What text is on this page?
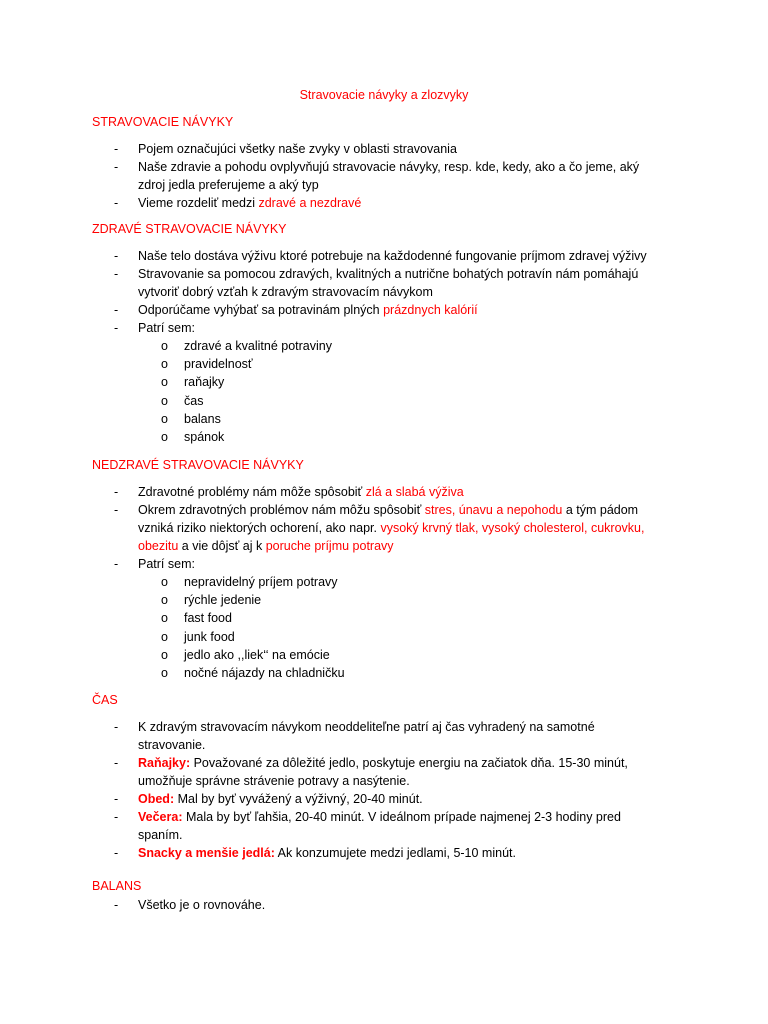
Stravovacie návyky a zlozvyky
STRAVOVACIE NÁVYKY
- Pojem označujúci všetky naše zvyky v oblasti stravovania
- Naše zdravie a pohodu ovplyvňujú stravovacie návyky, resp. kde, kedy, ako a čo jeme, aký zdroj jedla preferujeme a aký typ
- Vieme rozdeliť medzi zdravé a nezdravé
ZDRAVÉ STRAVOVACIE NÁVYKY
- Naše telo dostáva výživu ktoré potrebuje na každodenné fungovanie príjmom zdravej výživy
- Stravovanie sa pomocou zdravých, kvalitných a nutrične bohatých potravín nám pomáhajú vytvoriť dobrý vzťah k zdravým stravovacím návykom
- Odporúčame vyhýbať sa potravinám plných prázdnych kalórií
- Patrí sem:
o zdravé a kvalitné potraviny
o pravidelnosť
o raňajky
o čas
o balans
o spánok
NEDZRAVÉ STRAVOVACIE NÁVYKY
- Zdravotné problémy nám môže spôsobiť zlá a slabá výživa
- Okrem zdravotných problémov nám môžu spôsobiť stres, únavu a nepohodu a tým pádom vzniká riziko niektorých ochorení, ako napr. vysoký krvný tlak, vysoký cholesterol, cukrovku, obezitu a vie dôjsť aj k poruche príjmu potravy
- Patrí sem:
o nepravidelný príjem potravy
o rýchle jedenie
o fast food
o junk food
o jedlo ako ,,liek‘‘ na emócie
o nočné nájazdy na chladničku
ČAS
- K zdravým stravovacím návykom neoddeliteľne patrí aj čas vyhradený na samotné stravovanie.
- Raňajky: Považované za dôležité jedlo, poskytuje energiu na začiatok dňa. 15-30 minút, umožňuje správne strávenie potravy a nasýtenie.
- Obed: Mal by byť vyvážený a výživný, 20-40 minút.
- Večera: Mala by byť ľahšia, 20-40 minút. V ideálnom prípade najmenej 2-3 hodiny pred spaním.
- Snacky a menšie jedlá: Ak konzumujete medzi jedlami, 5-10 minút.
BALANS
- Všetko je o rovnováhe.
